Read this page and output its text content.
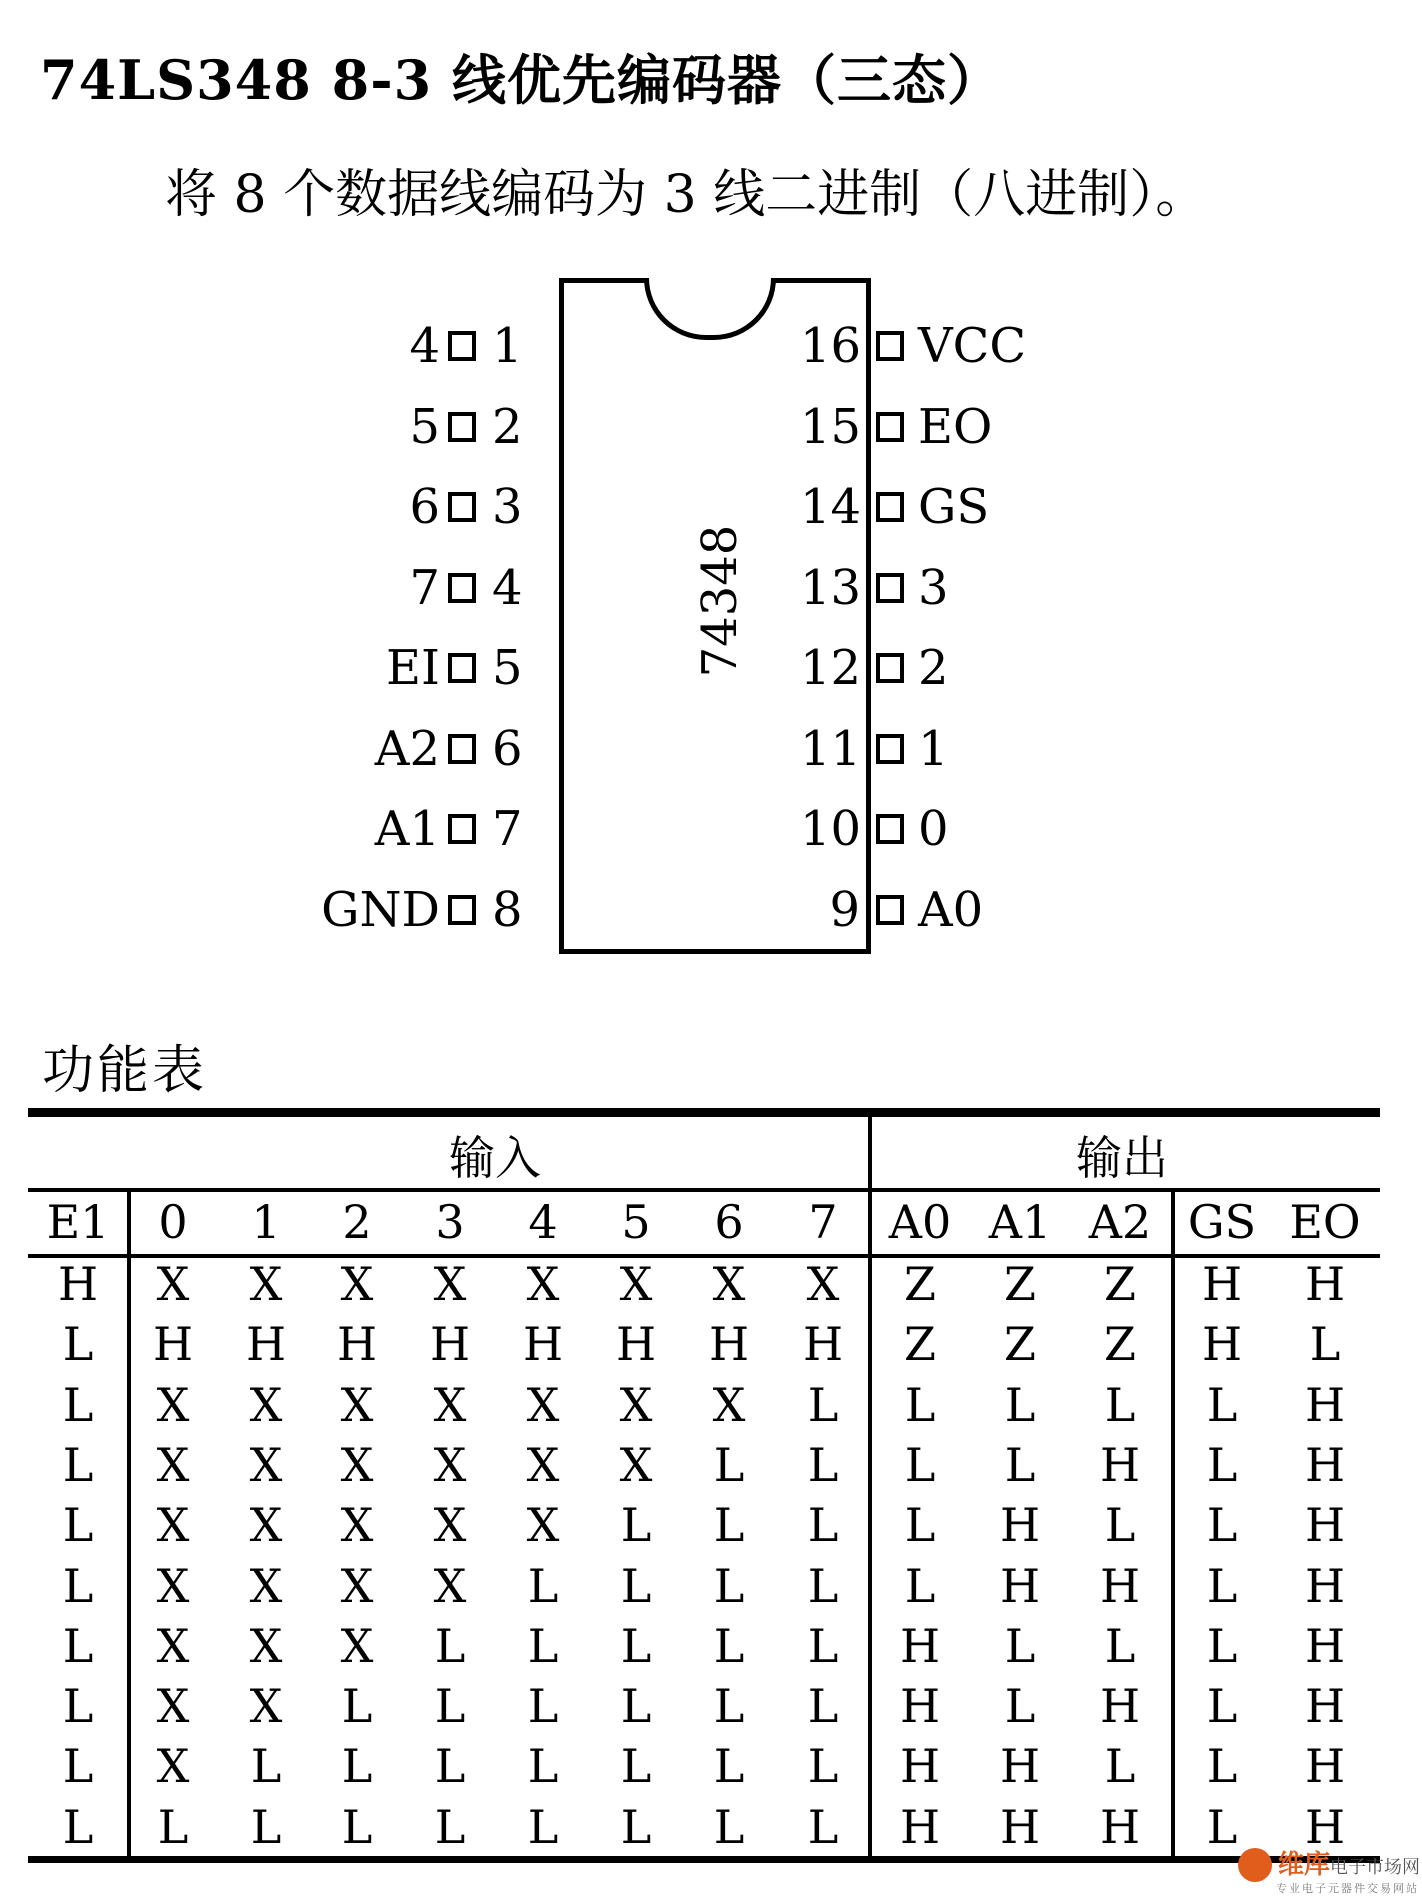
74LS348 8-3 线优先编码器（三态）
将 8 个数据线编码为 3 线二进制（八进制）。
74348
4 1
5 2
6 3
7 4
EI 5
A2 6
A1 7
GND 8
16 VCC
15 EO
14 GS
13 3
12 2
11 1
10 0
9 A0
功能表
输入	输出
E1	0	1	2	3	4	5	6	7	A0 A1 A2 GS EO
H	X	X	X	X	X	X	X	X	Z	Z	Z	H	H
L	H	H	H	H	H	H	H	H	Z	Z	Z	H	L
L	X	X	X	X	X	X	X	L	L	L	L	L	H
L	X	X	X	X	X	X	L	L	L	L	H	L	H
L	X	X	X	X	X	L	L	L	L	H	L	L	H
L	X	X	X	X	L	L	L	L	L	H	H	L	H
L	X	X	X	L	L	L	L	L	H	L	L	L	H
L	X	X	L	L	L	L	L	L	H	L	H	L	H
L	X	L	L	L	L	L	L	L	H	H	L	L	H
L	L	L	L	L	L	L	L	L	H	H	H	L	H
维库电子市场网
专业电子元器件交易网站
